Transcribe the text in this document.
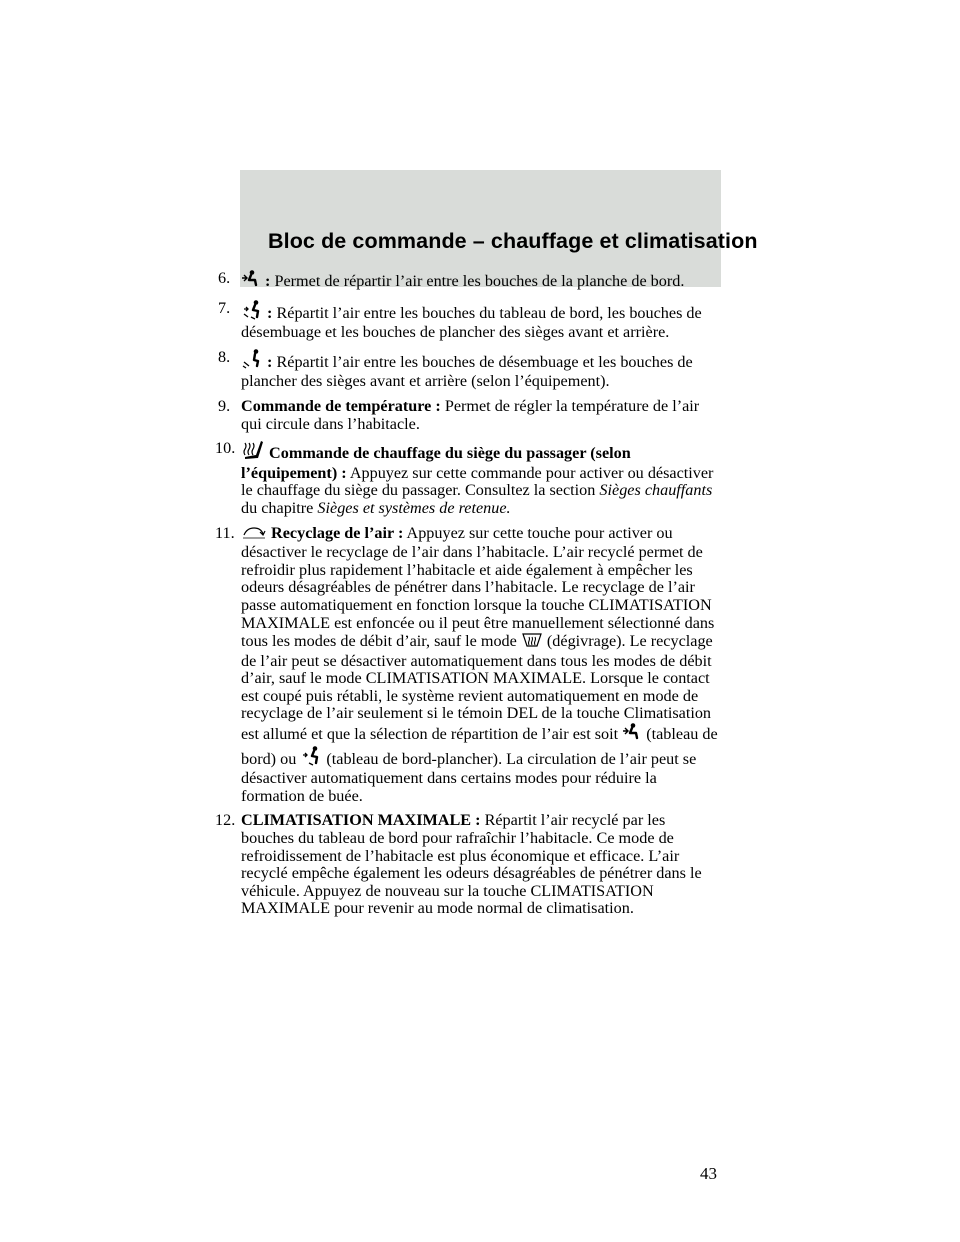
Bloc de commande – chauffage et climatisation
6. : Permet de répartir l’air entre les bouches de la planche de bord.
7. : Répartit l’air entre les bouches du tableau de bord, les bouches de désembuage et les bouches de plancher des sièges avant et arrière.
8. : Répartit l’air entre les bouches de désembuage et les bouches de plancher des sièges avant et arrière (selon l’équipement).
9. Commande de température : Permet de régler la température de l’air qui circule dans l’habitacle.
10. Commande de chauffage du siège du passager (selon l’équipement) : Appuyez sur cette commande pour activer ou désactiver le chauffage du siège du passager. Consultez la section Sièges chauffants du chapitre Sièges et systèmes de retenue.
11. Recyclage de l’air : Appuyez sur cette touche pour activer ou désactiver le recyclage de l’air dans l’habitacle. L’air recyclé permet de refroidir plus rapidement l’habitacle et aide également à empêcher les odeurs désagréables de pénétrer dans l’habitacle. Le recyclage de l’air passe automatiquement en fonction lorsque la touche CLIMATISATION MAXIMALE est enfoncée ou il peut être manuellement sélectionné dans tous les modes de débit d’air, sauf le mode (dégivrage). Le recyclage de l’air peut se désactiver automatiquement dans tous les modes de débit d’air, sauf le mode CLIMATISATION MAXIMALE. Lorsque le contact est coupé puis rétabli, le système revient automatiquement en mode de recyclage de l’air seulement si le témoin DEL de la touche Climatisation est allumé et que la sélection de répartition de l’air est soit (tableau de bord) ou (tableau de bord-plancher). La circulation de l’air peut se désactiver automatiquement dans certains modes pour réduire la formation de buée.
12. CLIMATISATION MAXIMALE : Répartit l’air recyclé par les bouches du tableau de bord pour rafraîchir l’habitacle. Ce mode de refroidissement de l’habitacle est plus économique et efficace. L’air recyclé empêche également les odeurs désagréables de pénétrer dans le véhicule. Appuyez de nouveau sur la touche CLIMATISATION MAXIMALE pour revenir au mode normal de climatisation.
43
